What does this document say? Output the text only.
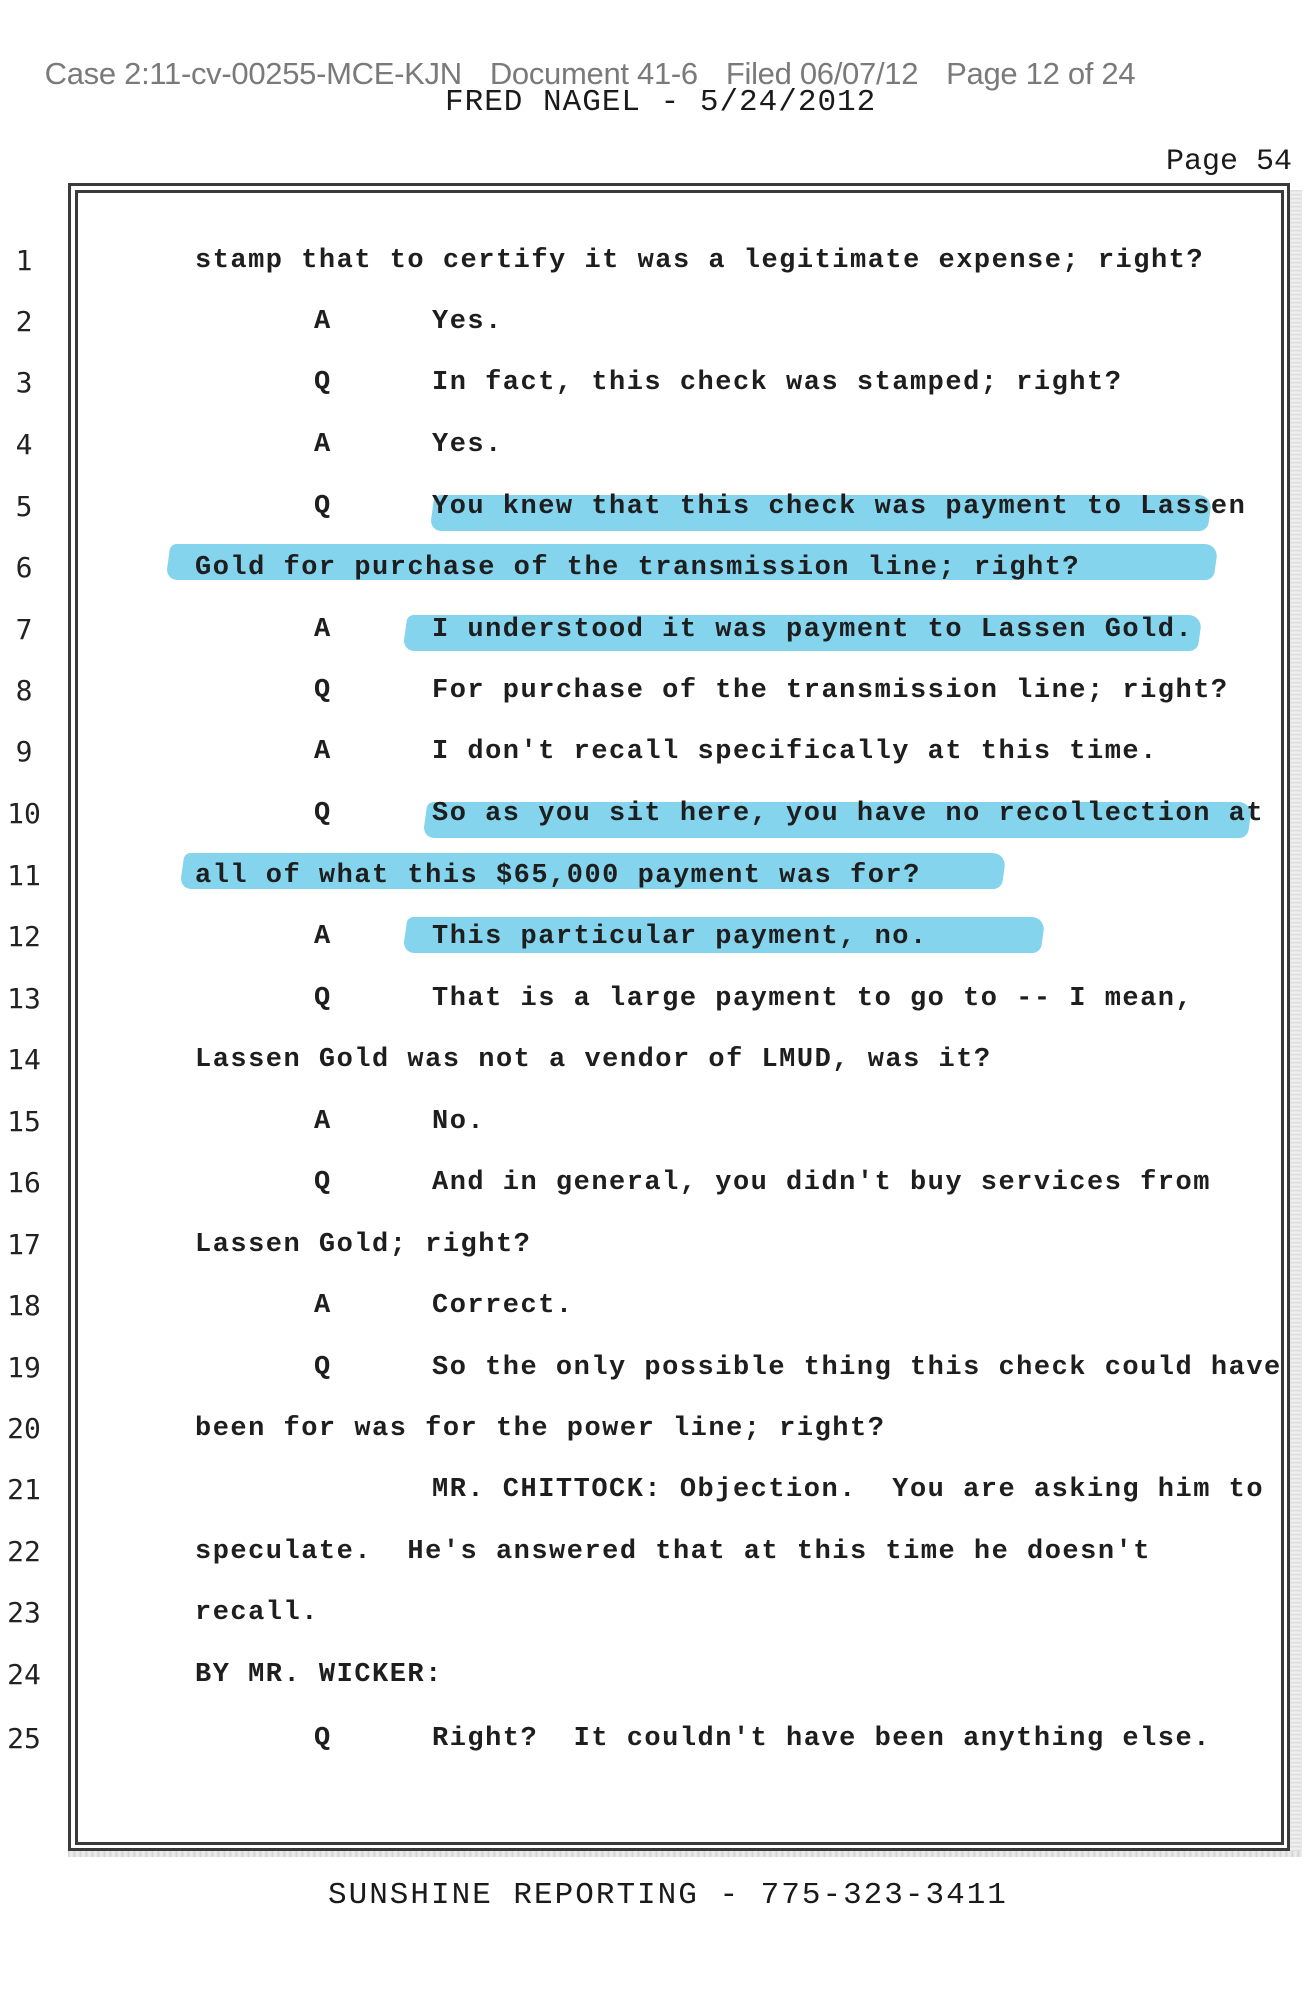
Case 2:11-cv-00255-MCE-KJN Document 41-6 Filed 06/07/12 Page 12 of 24

FRED NAGEL - 5/24/2012
Page 54
1	stamp that to certify it was a legitimate expense; right?
2	A	Yes.
3	Q	In fact, this check was stamped; right?
4	A	Yes.
5	Q	You knew that this check was payment to Lassen
6	Gold for purchase of the transmission line; right?
7	A	I understood it was payment to Lassen Gold.
8	Q	For purchase of the transmission line; right?
9	A	I don't recall specifically at this time.
10	Q	So as you sit here, you have no recollection at
11	all of what this $65,000 payment was for?
12	A	This particular payment, no.
13	Q	That is a large payment to go to -- I mean,
14	Lassen Gold was not a vendor of LMUD, was it?
15	A	No.
16	Q	And in general, you didn't buy services from
17	Lassen Gold; right?
18	A	Correct.
19	Q	So the only possible thing this check could have
20	been for was for the power line; right?
21	MR. CHITTOCK: Objection.  You are asking him to
22	speculate.  He's answered that at this time he doesn't
23	recall.
24	BY MR. WICKER:
25	Q	Right?  It couldn't have been anything else.
SUNSHINE REPORTING - 775-323-3411
